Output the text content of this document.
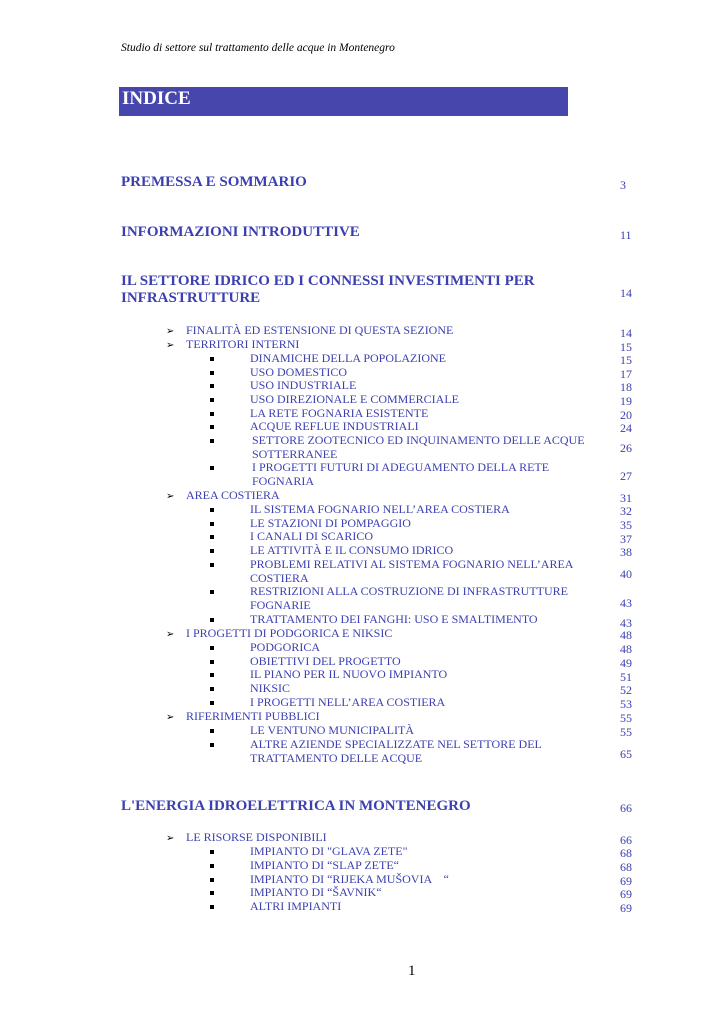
Studio di settore sul trattamento delle acque in Montenegro
INDICE
PREMESSA E SOMMARIO	3
INFORMAZIONI INTRODUTTIVE	11
IL SETTORE IDRICO ED I CONNESSI INVESTIMENTI PER INFRASTRUTTURE	14
➢ FINALITÀ ED ESTENSIONE DI QUESTA SEZIONE	14
➢ TERRITORI INTERNI	15
DINAMICHE DELLA POPOLAZIONE	15
USO DOMESTICO	17
USO INDUSTRIALE	18
USO DIREZIONALE E COMMERCIALE	19
LA RETE FOGNARIA ESISTENTE	20
ACQUE REFLUE INDUSTRIALI	24
SETTORE ZOOTECNICO ED INQUINAMENTO DELLE ACQUE SOTTERRANEE	26
I PROGETTI FUTURI DI ADEGUAMENTO DELLA RETE FOGNARIA	27
➢ AREA COSTIERA	31
IL SISTEMA FOGNARIO NELL’AREA COSTIERA	32
LE STAZIONI DI POMPAGGIO	35
I CANALI DI SCARICO	37
LE ATTIVITÀ E IL CONSUMO IDRICO	38
PROBLEMI RELATIVI AL SISTEMA FOGNARIO NELL’AREA COSTIERA	40
RESTRIZIONI ALLA COSTRUZIONE DI INFRASTRUTTURE FOGNARIE	43
TRATTAMENTO DEI FANGHI: USO E SMALTIMENTO	43
➢ I PROGETTI DI PODGORICA E NIKSIC	48
PODGORICA	48
OBIETTIVI DEL PROGETTO	49
IL PIANO PER IL NUOVO IMPIANTO	51
NIKSIC	52
I PROGETTI NELL’AREA COSTIERA	53
➢ RIFERIMENTI PUBBLICI	55
LE VENTUNO MUNICIPALITÀ	55
ALTRE AZIENDE SPECIALIZZATE NEL SETTORE DEL TRATTAMENTO DELLE ACQUE	65
L'ENERGIA IDROELETTRICA IN MONTENEGRO	66
➢ LE RISORSE DISPONIBILI	66
IMPIANTO DI "GLAVA ZETE"	68
IMPIANTO DI “SLAP ZETE“	68
IMPIANTO DI “RIJEKA MUŠOVIA    “	69
IMPIANTO DI “ŠAVNIK“	69
ALTRI IMPIANTI	69
1
